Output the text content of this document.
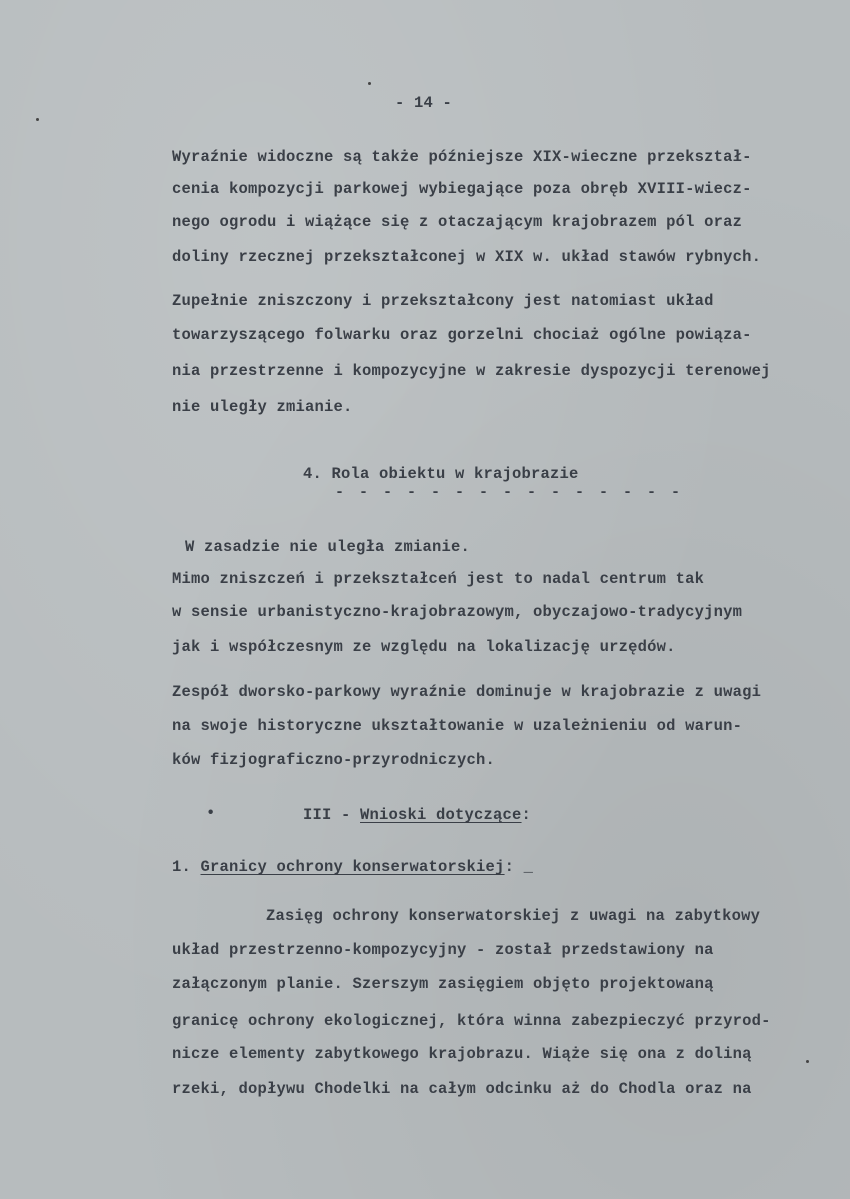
- 14 -
Wyraźnie widoczne są także późniejsze XIX-wieczne przekształ-
cenia kompozycji parkowej wybiegające poza obręb XVIII-wiecz-
nego ogrodu i wiążące się z otaczającym krajobrazem pól oraz
doliny rzecznej przekształconej w XIX w. układ stawów rybnych.
Zupełnie zniszczony i przekształcony jest natomiast układ
towarzyszącego folwarku oraz gorzelni chociaż ogólne powiąza-
nia przestrzenne i kompozycyjne w zakresie dyspozycji terenowej
nie uległy zmianie.
4. Rola obiektu w krajobrazie
- - - - - - - - - - - - - - -
W zasadzie nie uległa zmianie.
Mimo zniszczeń i przekształceń jest to nadal centrum tak
w sensie urbanistyczno-krajobrazowym, obyczajowo-tradycyjnym
jak i współczesnym ze względu na lokalizację urzędów.
Zespół dworsko-parkowy wyraźnie dominuje w krajobrazie z uwagi
na swoje historyczne ukształtowanie w uzależnieniu od warun-
ków fizjograficzno-przyrodniczych.
•	III - Wnioski dotyczące:
1. Granicy ochrony konserwatorskiej: _
Zasięg ochrony konserwatorskiej z uwagi na zabytkowy
układ przestrzenno-kompozycyjny - został przedstawiony na
załączonym planie. Szerszym zasięgiem objęto projektowaną
granicę ochrony ekologicznej, która winna zabezpieczyć przyrod-
nicze elementy zabytkowego krajobrazu. Wiąże się ona z doliną
rzeki, dopływu Chodelki na całym odcinku aż do Chodla oraz na
